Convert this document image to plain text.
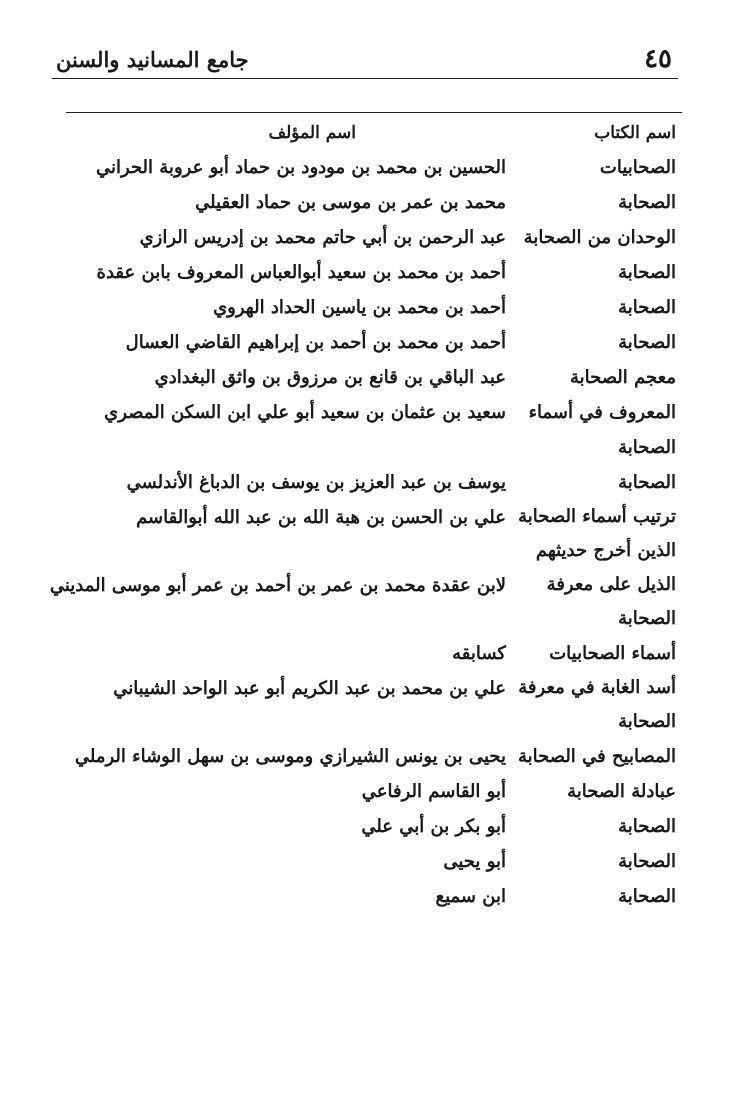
٤٥
جامع المسانيد والسنن
اسم الكتاب
اسم المؤلف
الصحابيات
الحسين بن محمد بن مودود بن حماد أبو عروبة الحراني
الصحابة
محمد بن عمر بن موسى بن حماد العقيلي
الوحدان من الصحابة
عبد الرحمن بن أبي حاتم محمد بن إدريس الرازي
الصحابة
أحمد بن محمد بن سعيد أبوالعباس المعروف بابن عقدة
الصحابة
أحمد بن محمد بن ياسين الحداد الهروي
الصحابة
أحمد بن محمد بن أحمد بن إبراهيم القاضي العسال
معجم الصحابة
عبد الباقي بن قانع بن مرزوق بن واثق البغدادي
المعروف في أسماء الصحابة
سعيد بن عثمان بن سعيد أبو علي ابن السكن المصري
الصحابة
يوسف بن عبد العزيز بن يوسف بن الدباغ الأندلسي
ترتيب أسماء الصحابة الذين أخرج حديثهم
علي بن الحسن بن هبة الله بن عبد الله أبوالقاسم
الذيل على معرفة الصحابة
لابن عقدة محمد بن عمر بن أحمد بن عمر أبو موسى المديني
أسماء الصحابيات
كسابقه
أسد الغابة في معرفة الصحابة
علي بن محمد بن عبد الكريم أبو عبد الواحد الشيباني
المصابيح في الصحابة
يحيى بن يونس الشيرازي وموسى بن سهل الوشاء الرملي
عبادلة الصحابة
أبو القاسم الرفاعي
الصحابة
أبو بكر بن أبي علي
الصحابة
أبو يحيى
الصحابة
ابن سميع
